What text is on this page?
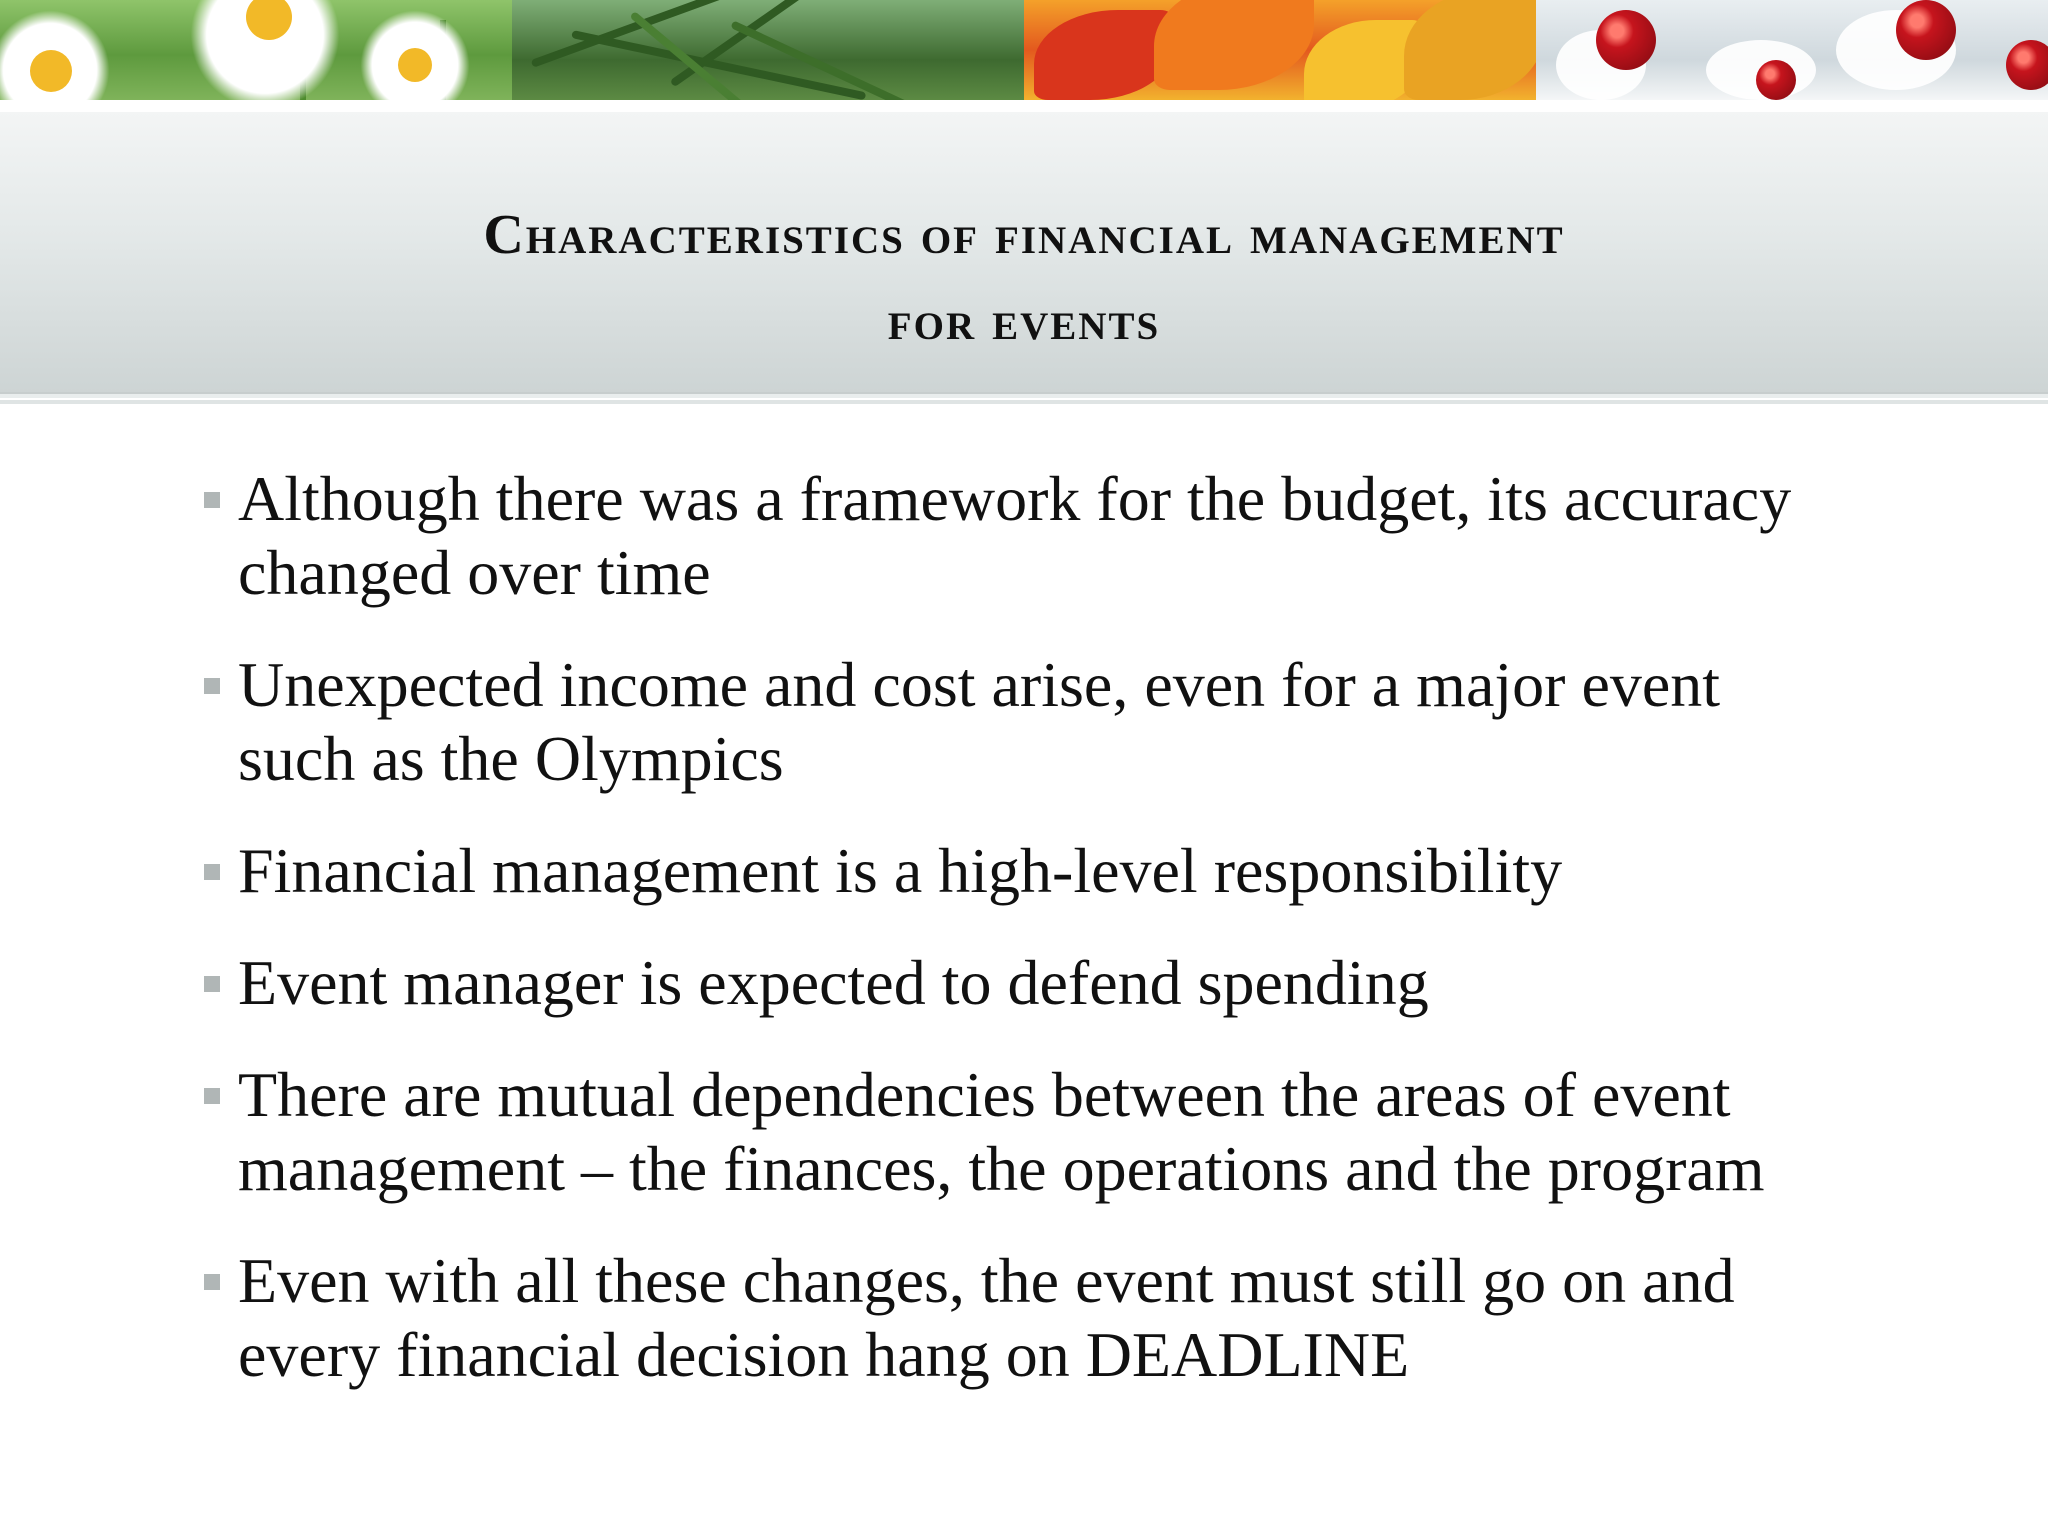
Characteristics of financial management
for events
Although there was a framework for the budget, its accuracy changed over time
Unexpected income and cost arise, even for a major event such as the Olympics
Financial management is a high-level responsibility
Event manager is expected to defend spending
There are mutual dependencies between the areas of event management – the finances, the operations and the program
Even with all these changes, the event must still go on and every financial decision hang on DEADLINE
